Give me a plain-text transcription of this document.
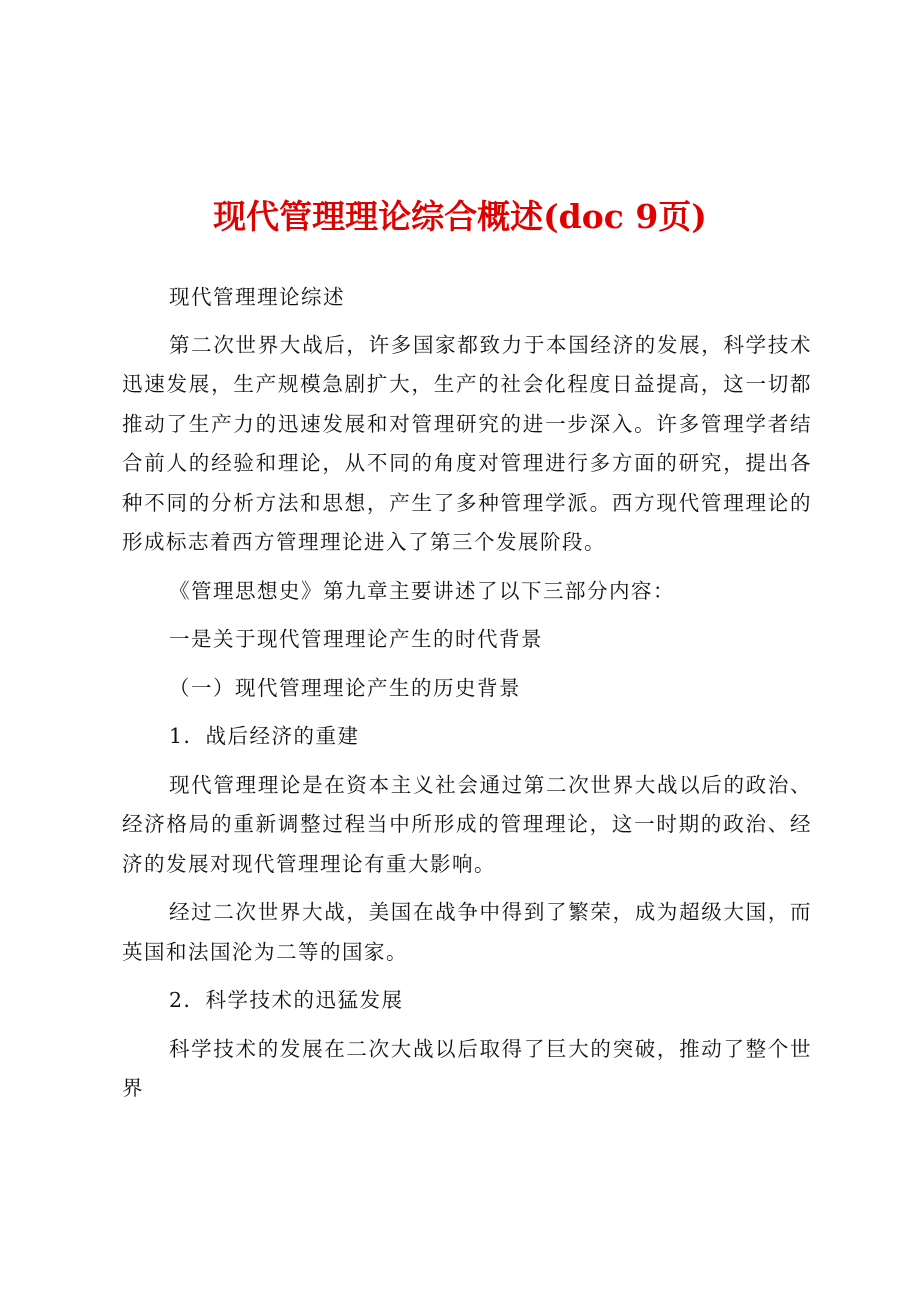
现代管理理论综合概述(doc 9页)

现代管理理论综述

第二次世界大战后，许多国家都致力于本国经济的发展，科学技术迅速发展，生产规模急剧扩大，生产的社会化程度日益提高，这一切都推动了生产力的迅速发展和对管理研究的进一步深入。许多管理学者结合前人的经验和理论，从不同的角度对管理进行多方面的研究，提出各种不同的分析方法和思想，产生了多种管理学派。西方现代管理理论的形成标志着西方管理理论进入了第三个发展阶段。

《管理思想史》第九章主要讲述了以下三部分内容：

一是关于现代管理理论产生的时代背景

（一）现代管理理论产生的历史背景

1．战后经济的重建

现代管理理论是在资本主义社会通过第二次世界大战以后的政治、经济格局的重新调整过程当中所形成的管理理论，这一时期的政治、经济的发展对现代管理理论有重大影响。

经过二次世界大战，美国在战争中得到了繁荣，成为超级大国，而英国和法国沦为二等的国家。

2．科学技术的迅猛发展

科学技术的发展在二次大战以后取得了巨大的突破，推动了整个世界
